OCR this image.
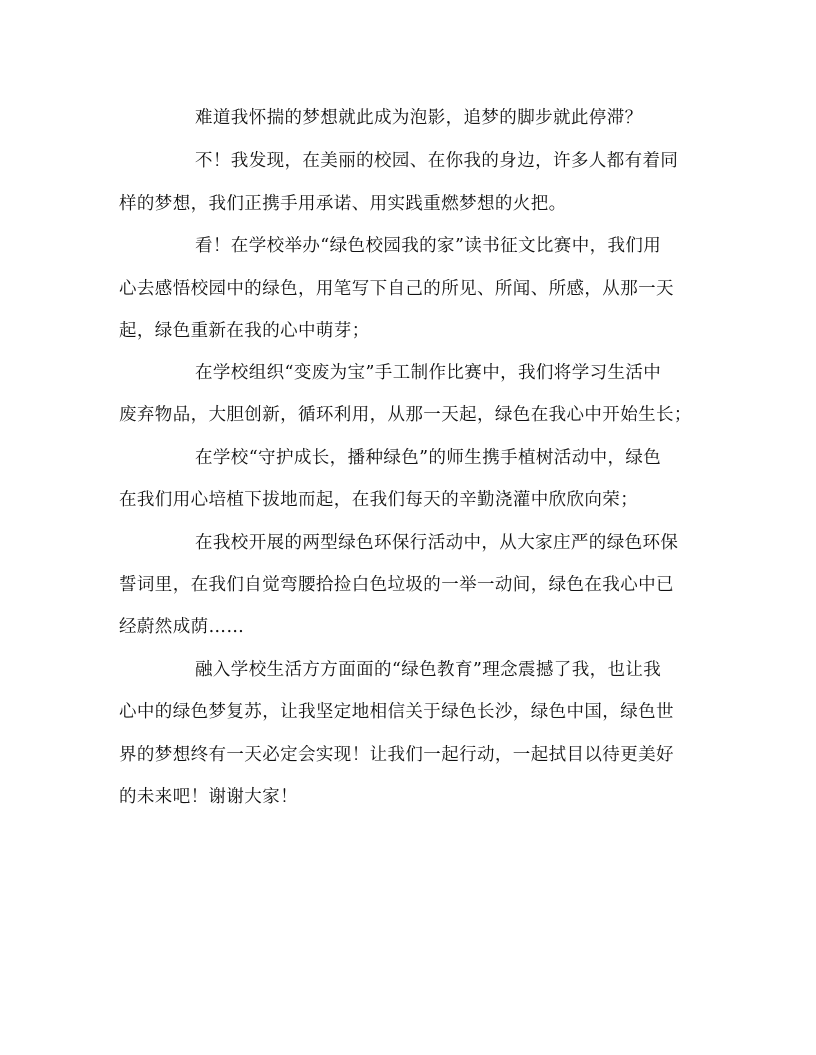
难道我怀揣的梦想就此成为泡影，追梦的脚步就此停滞？
不！我发现，在美丽的校园、在你我的身边，许多人都有着同
样的梦想，我们正携手用承诺、用实践重燃梦想的火把。
看！在学校举办“绿色校园我的家”读书征文比赛中，我们用
心去感悟校园中的绿色，用笔写下自己的所见、所闻、所感，从那一天
起，绿色重新在我的心中萌芽；
在学校组织“变废为宝”手工制作比赛中，我们将学习生活中
废弃物品，大胆创新，循环利用，从那一天起，绿色在我心中开始生长；
在学校“守护成长，播种绿色”的师生携手植树活动中，绿色
在我们用心培植下拔地而起，在我们每天的辛勤浇灌中欣欣向荣；
在我校开展的两型绿色环保行活动中，从大家庄严的绿色环保
誓词里，在我们自觉弯腰拾捡白色垃圾的一举一动间，绿色在我心中已
经蔚然成荫……
融入学校生活方方面面的“绿色教育”理念震撼了我，也让我
心中的绿色梦复苏，让我坚定地相信关于绿色长沙，绿色中国，绿色世
界的梦想终有一天必定会实现！让我们一起行动，一起拭目以待更美好
的未来吧！谢谢大家！
